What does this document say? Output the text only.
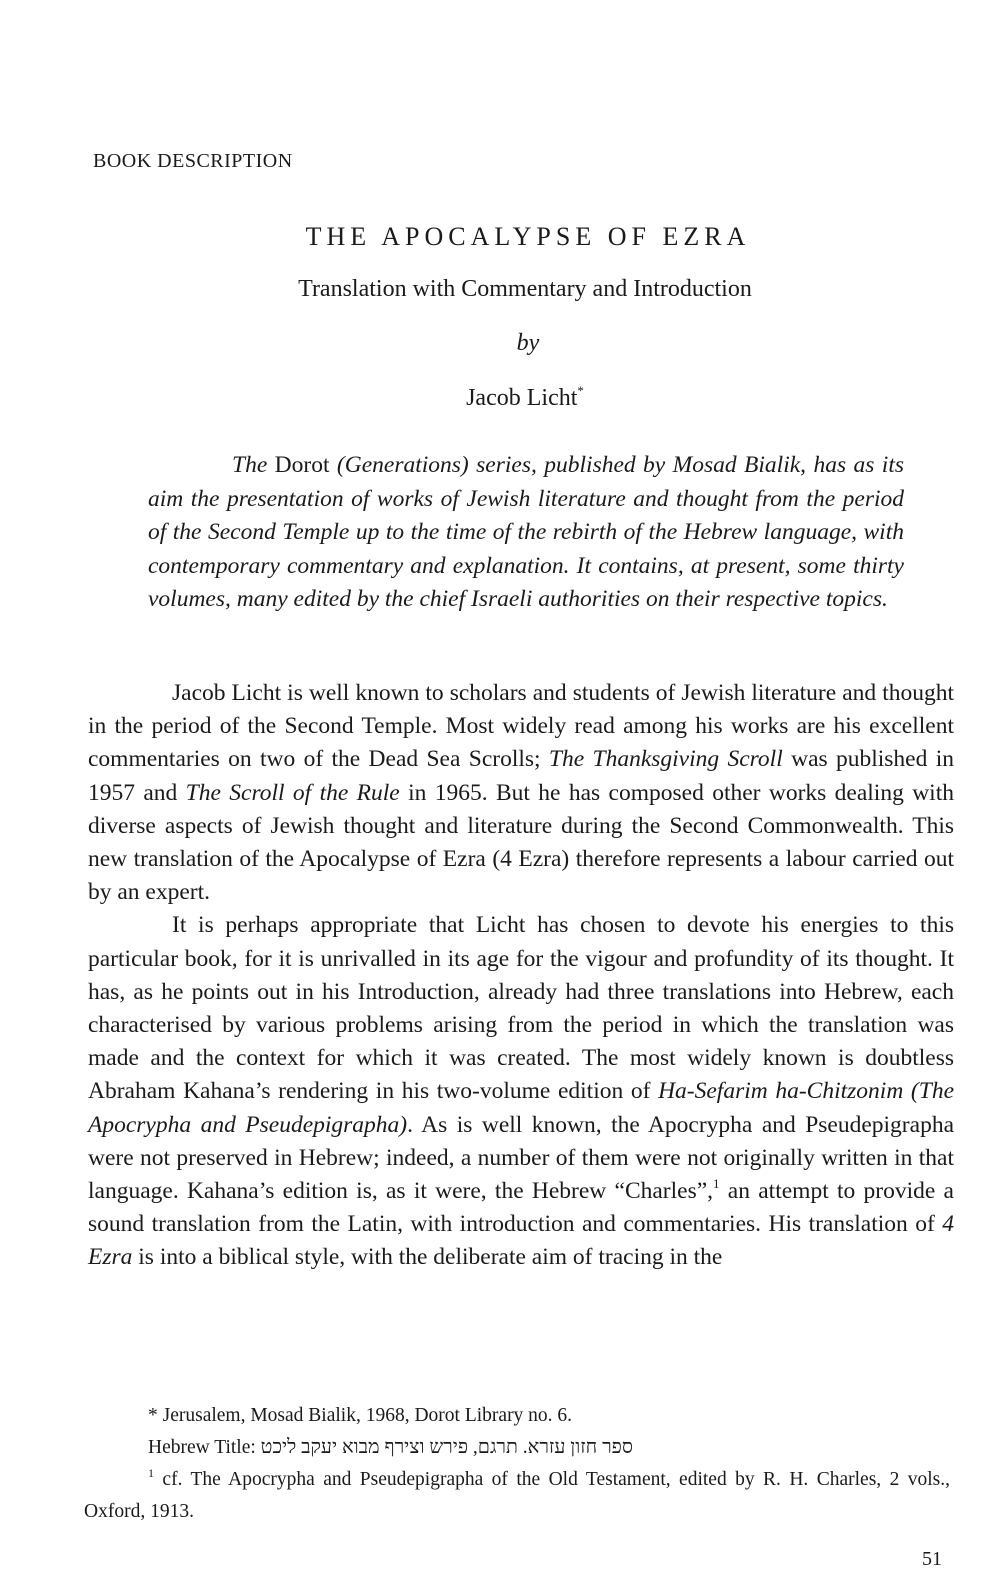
BOOK DESCRIPTION
THE APOCALYPSE OF EZRA
Translation with Commentary and Introduction
by
Jacob Licht*
The Dorot (Generations) series, published by Mosad Bialik, has as its aim the presentation of works of Jewish literature and thought from the period of the Second Temple up to the time of the rebirth of the Hebrew language, with contemporary commentary and explanation. It contains, at present, some thirty volumes, many edited by the chief Israeli authorities on their respective topics.

Jacob Licht is well known to scholars and students of Jewish literature and thought in the period of the Second Temple. Most widely read among his works are his excellent commentaries on two of the Dead Sea Scrolls; The Thanksgiving Scroll was published in 1957 and The Scroll of the Rule in 1965. But he has composed other works dealing with diverse aspects of Jewish thought and literature during the Second Commonwealth. This new translation of the Apocalypse of Ezra (4 Ezra) therefore represents a labour carried out by an expert.

It is perhaps appropriate that Licht has chosen to devote his energies to this particular book, for it is unrivalled in its age for the vigour and profundity of its thought. It has, as he points out in his Introduction, already had three translations into Hebrew, each characterised by various problems arising from the period in which the translation was made and the context for which it was created. The most widely known is doubtless Abraham Kahana’s rendering in his two-volume edition of Ha-Sefarim ha-Chitzonim (The Apocrypha and Pseudepigrapha). As is well known, the Apocrypha and Pseudepigrapha were not preserved in Hebrew; indeed, a number of them were not originally written in that language. Kahana’s edition is, as it were, the Hebrew “Charles”,$^1$ an attempt to provide a sound translation from the Latin, with introduction and commentaries. His translation of 4 Ezra is into a biblical style, with the deliberate aim of tracing in the

* Jerusalem, Mosad Bialik, 1968, Dorot Library no. 6.

Hebrew Title: ספר חזון עזרא. תרגם, פירש וצירף מבוא יעקב ליכט

$^1$ cf. The Apocrypha and Pseudepigrapha of the Old Testament, edited by R. H. Charles, 2 vols., Oxford, 1913.

51
